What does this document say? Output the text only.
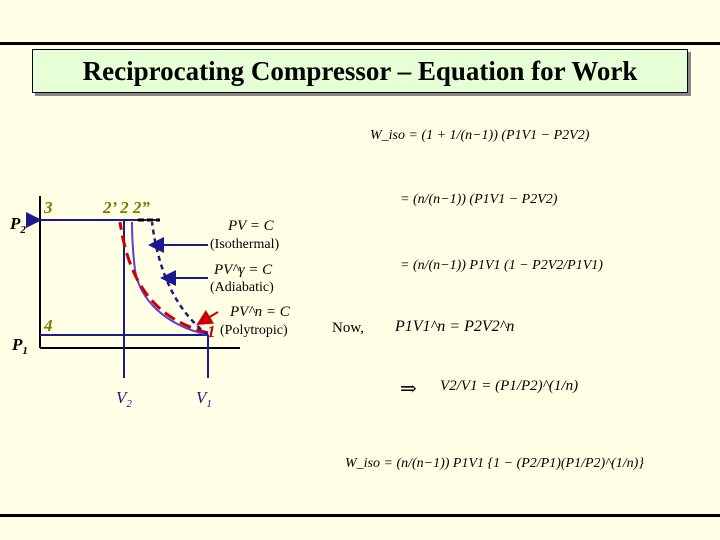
Reciprocating Compressor – Equation for Work
$P_2$
$P_1$
3
4
2’ 2 2”
1
$V_2$	$V_1$
(Isothermal)
(Adiabatic)
(Polytropic)
PV = C
PV^γ = C
PV^n = C
W_iso = (1 + 1/(n−1)) (P1V1 − P2V2)
= (n/(n−1)) (P1V1 − P2V2)
= (n/(n−1)) P1V1 (1 − P2V2/P1V1)
Now, P1V1^n = P2V2^n
⇒ V2/V1 = (P1/P2)^(1/n)
W_iso = (n/(n−1)) P1V1 {1 − (P2/P1)(P1/P2)^(1/n)}
